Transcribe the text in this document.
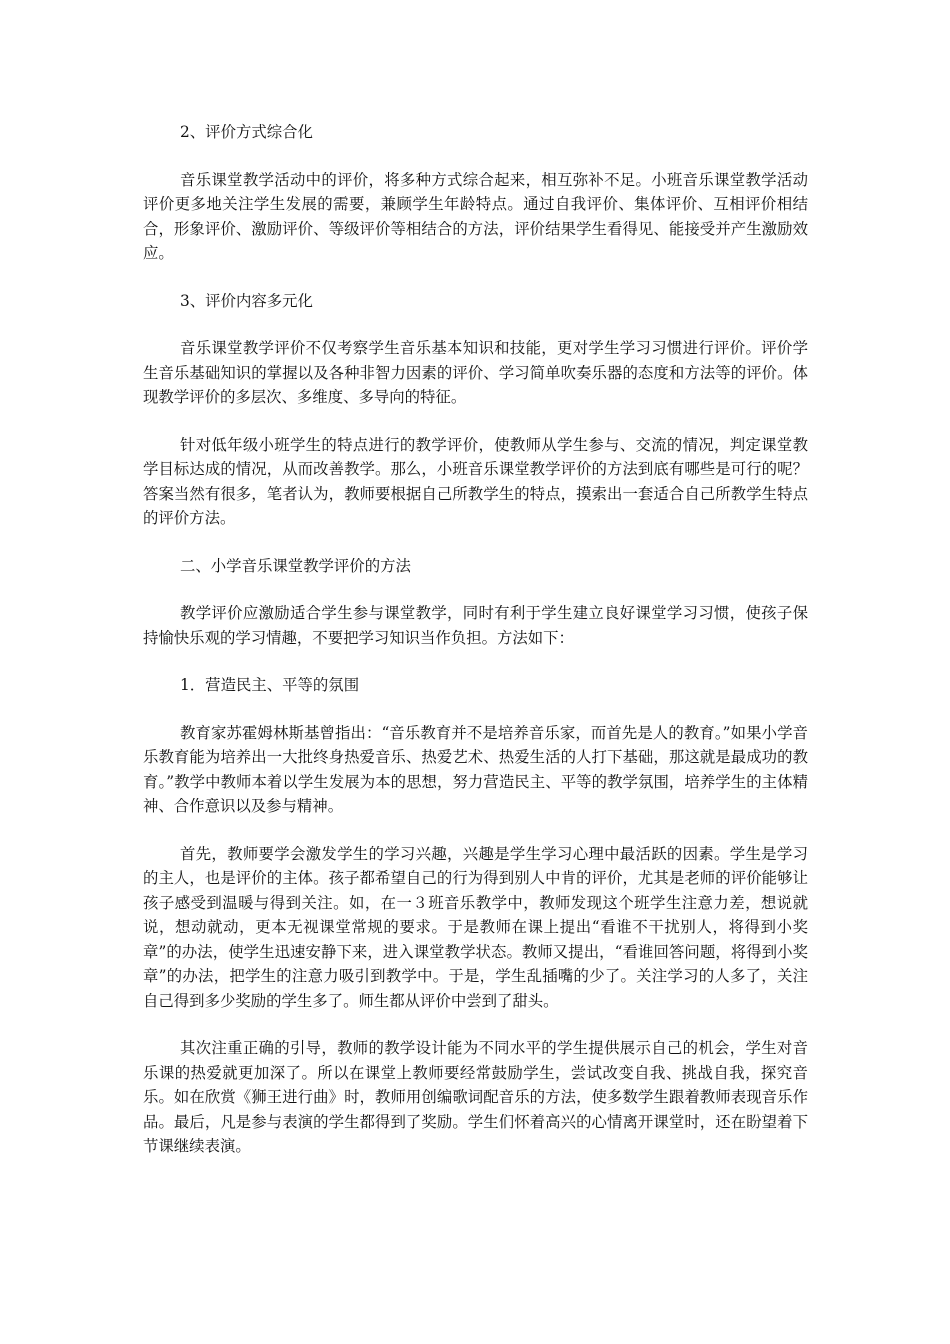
2、评价方式综合化

音乐课堂教学活动中的评价，将多种方式综合起来，相互弥补不足。小班音乐课堂教学活动评价更多地关注学生发展的需要，兼顾学生年龄特点。通过自我评价、集体评价、互相评价相结合，形象评价、激励评价、等级评价等相结合的方法，评价结果学生看得见、能接受并产生激励效应。

3、评价内容多元化

音乐课堂教学评价不仅考察学生音乐基本知识和技能，更对学生学习习惯进行评价。评价学生音乐基础知识的掌握以及各种非智力因素的评价、学习简单吹奏乐器的态度和方法等的评价。体现教学评价的多层次、多维度、多导向的特征。

针对低年级小班学生的特点进行的教学评价，使教师从学生参与、交流的情况，判定课堂教学目标达成的情况，从而改善教学。那么，小班音乐课堂教学评价的方法到底有哪些是可行的呢？答案当然有很多，笔者认为，教师要根据自己所教学生的特点，摸索出一套适合自己所教学生特点的评价方法。

二、小学音乐课堂教学评价的方法

教学评价应激励适合学生参与课堂教学，同时有利于学生建立良好课堂学习习惯，使孩子保持愉快乐观的学习情趣，不要把学习知识当作负担。方法如下：

1．营造民主、平等的氛围

教育家苏霍姆林斯基曾指出：“音乐教育并不是培养音乐家，而首先是人的教育。”如果小学音乐教育能为培养出一大批终身热爱音乐、热爱艺术、热爱生活的人打下基础，那这就是最成功的教育。”教学中教师本着以学生发展为本的思想，努力营造民主、平等的教学氛围，培养学生的主体精神、合作意识以及参与精神。

首先，教师要学会激发学生的学习兴趣，兴趣是学生学习心理中最活跃的因素。学生是学习的主人，也是评价的主体。孩子都希望自己的行为得到别人中肯的评价，尤其是老师的评价能够让孩子感受到温暖与得到关注。如，在一３班音乐教学中，教师发现这个班学生注意力差，想说就说，想动就动，更本无视课堂常规的要求。于是教师在课上提出“看谁不干扰别人，将得到小奖章”的办法，使学生迅速安静下来，进入课堂教学状态。教师又提出，“看谁回答问题，将得到小奖章”的办法，把学生的注意力吸引到教学中。于是，学生乱插嘴的少了。关注学习的人多了，关注自己得到多少奖励的学生多了。师生都从评价中尝到了甜头。

其次注重正确的引导，教师的教学设计能为不同水平的学生提供展示自己的机会，学生对音乐课的热爱就更加深了。所以在课堂上教师要经常鼓励学生，尝试改变自我、挑战自我，探究音乐。如在欣赏《狮王进行曲》时，教师用创编歌词配音乐的方法，使多数学生跟着教师表现音乐作品。最后，凡是参与表演的学生都得到了奖励。学生们怀着高兴的心情离开课堂时，还在盼望着下节课继续表演。
